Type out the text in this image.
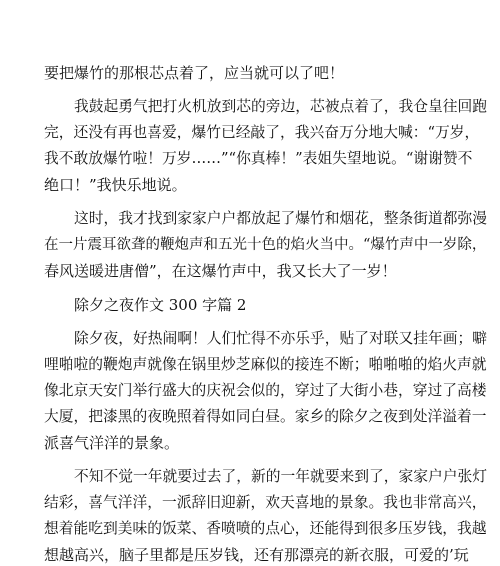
要把爆竹的那根芯点着了，应当就可以了吧！
我鼓起勇气把打火机放到芯的旁边，芯被点着了，我仓皇往回跑
完，还没有再也喜爱，爆竹已经敲了，我兴奋万分地大喊：“万岁，
我不敢放爆竹啦！万岁……”“你真棒！”表姐失望地说。“谢谢赞不
绝口！”我快乐地说。
这时，我才找到家家户户都放起了爆竹和烟花，整条街道都弥漫
在一片震耳欲聋的鞭炮声和五光十色的焰火当中。“爆竹声中一岁除，
春风送暖进唐僧”，在这爆竹声中，我又长大了一岁！
除夕之夜作文 300 字篇 2
除夕夜，好热闹啊！人们忙得不亦乐乎，贴了对联又挂年画；噼
哩啪啦的鞭炮声就像在锅里炒芝麻似的接连不断；啪啪啪的焰火声就
像北京天安门举行盛大的庆祝会似的，穿过了大街小巷，穿过了高楼
大厦，把漆黑的夜晚照着得如同白昼。家乡的除夕之夜到处洋溢着一
派喜气洋洋的景象。
不知不觉一年就要过去了，新的一年就要来到了，家家户户张灯
结彩，喜气洋洋，一派辞旧迎新，欢天喜地的景象。我也非常高兴，
想着能吃到美味的饭菜、香喷喷的点心，还能得到很多压岁钱，我越
想越高兴，脑子里都是压岁钱，还有那漂亮的新衣服，可爱的’玩
